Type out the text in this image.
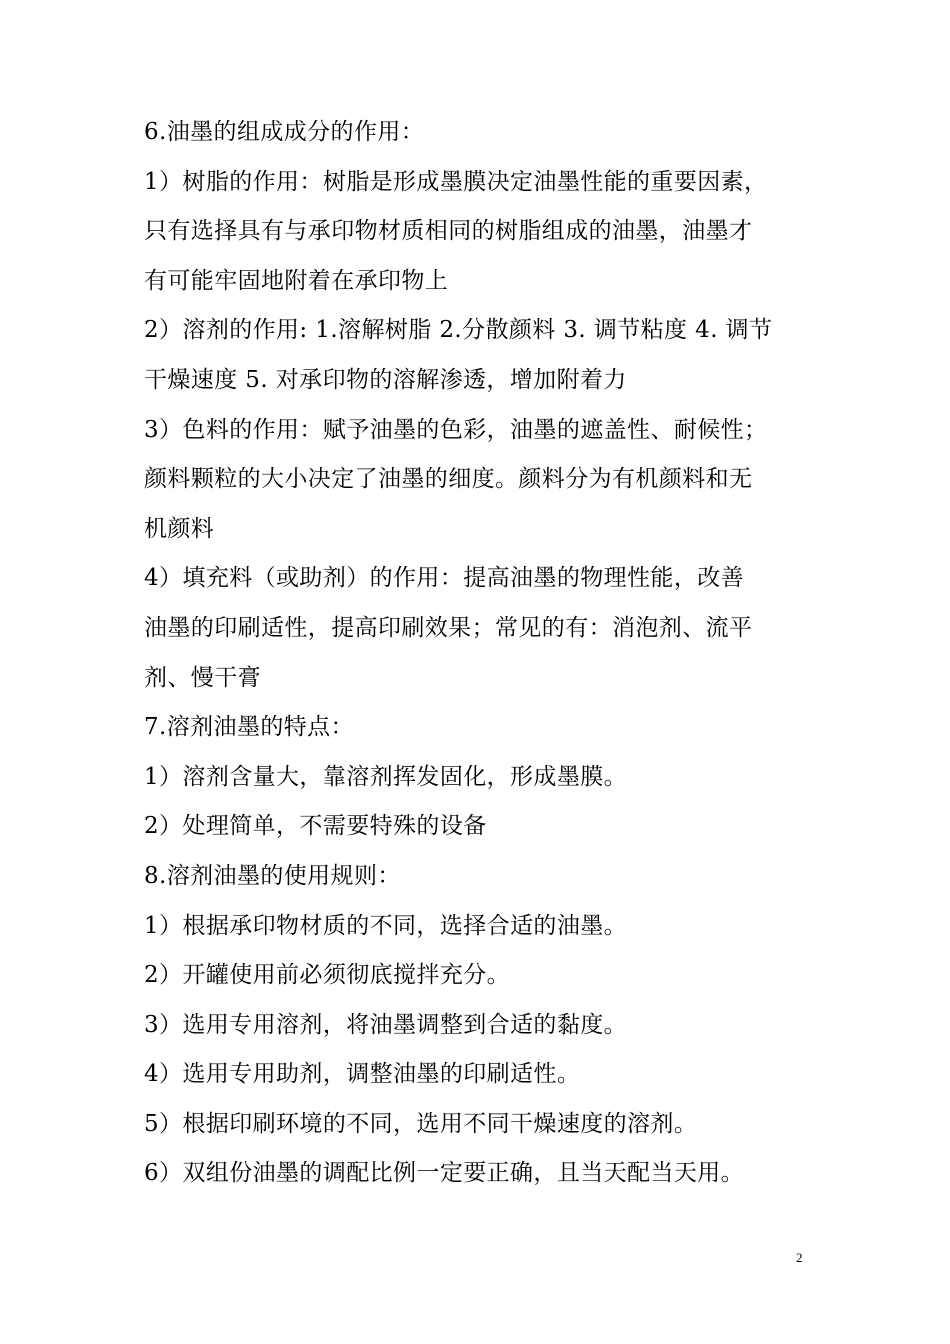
6.油墨的组成成分的作用：

1）树脂的作用：树脂是形成墨膜决定油墨性能的重要因素，

只有选择具有与承印物材质相同的树脂组成的油墨，油墨才

有可能牢固地附着在承印物上

2）溶剂的作用: 1.溶解树脂 2.分散颜料 3. 调节粘度 4. 调节

干燥速度 5. 对承印物的溶解渗透，增加附着力

3）色料的作用：赋予油墨的色彩，油墨的遮盖性、耐候性；

颜料颗粒的大小决定了油墨的细度。颜料分为有机颜料和无

机颜料

4）填充料（或助剂）的作用：提高油墨的物理性能，改善

油墨的印刷适性，提高印刷效果；常见的有：消泡剂、流平

剂、慢干膏

7.溶剂油墨的特点：

1）溶剂含量大，靠溶剂挥发固化，形成墨膜。

2）处理简单，不需要特殊的设备

8.溶剂油墨的使用规则：

1）根据承印物材质的不同，选择合适的油墨。

2）开罐使用前必须彻底搅拌充分。

3）选用专用溶剂，将油墨调整到合适的黏度。

4）选用专用助剂，调整油墨的印刷适性。

5）根据印刷环境的不同，选用不同干燥速度的溶剂。

6）双组份油墨的调配比例一定要正确，且当天配当天用。

2
